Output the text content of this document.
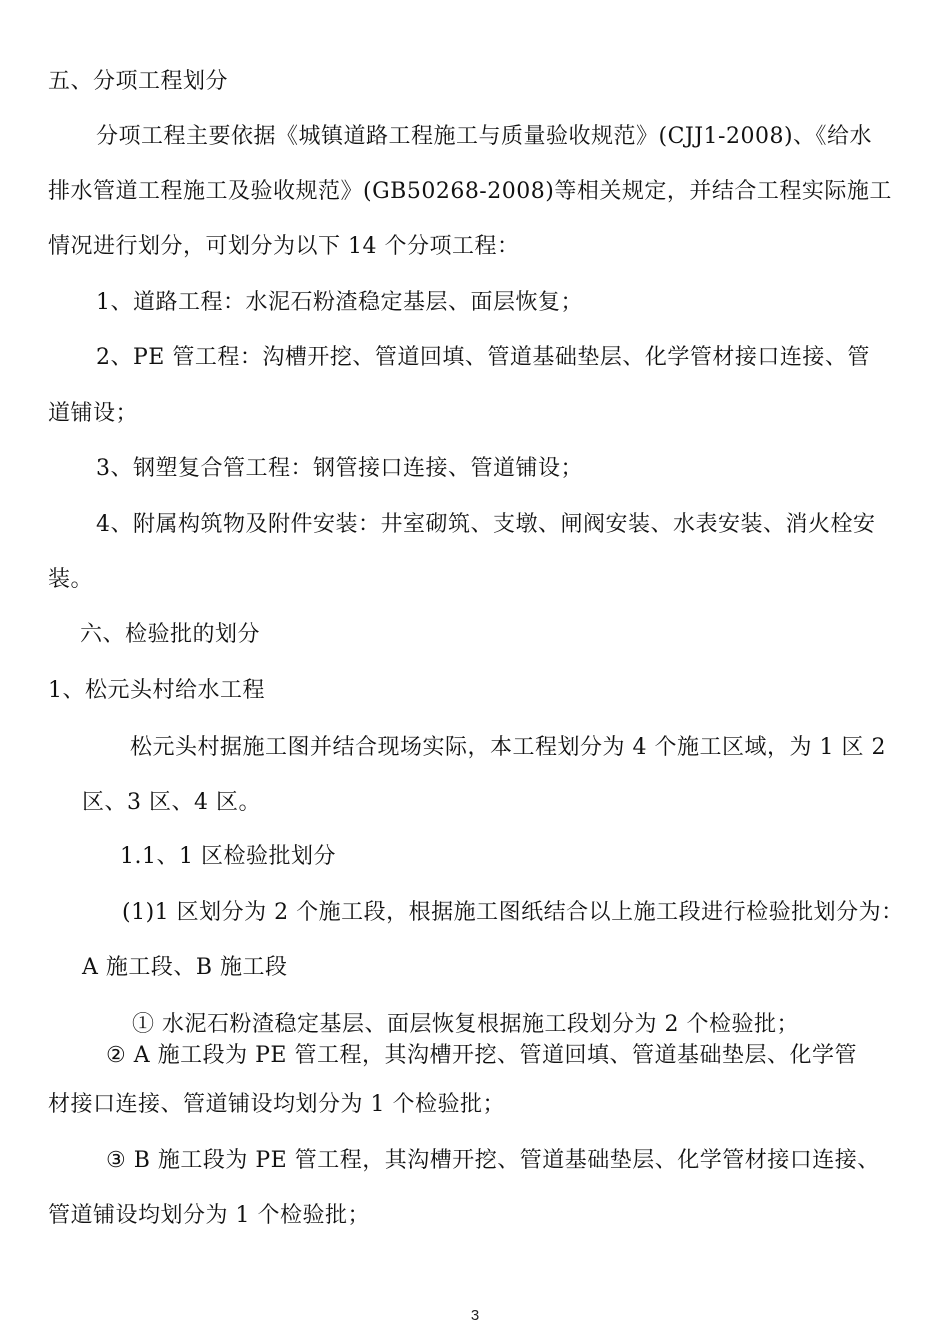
五、分项工程划分
分项工程主要依据《城镇道路工程施工与质量验收规范》(CJJ1-2008)、《给水
排水管道工程施工及验收规范》(GB50268-2008)等相关规定，并结合工程实际施工
情况进行划分，可划分为以下 14 个分项工程：
1、道路工程：水泥石粉渣稳定基层、面层恢复；
2、PE 管工程：沟槽开挖、管道回填、管道基础垫层、化学管材接口连接、管
道铺设；
3、钢塑复合管工程：钢管接口连接、管道铺设；
4、附属构筑物及附件安装：井室砌筑、支墩、闸阀安装、水表安装、消火栓安
装。
六、检验批的划分
1、松元头村给水工程
松元头村据施工图并结合现场实际，本工程划分为 4 个施工区域，为 1 区 2
区、3 区、4 区。
1.1、1 区检验批划分
(1)1 区划分为 2 个施工段，根据施工图纸结合以上施工段进行检验批划分为：
A 施工段、B 施工段
① 水泥石粉渣稳定基层、面层恢复根据施工段划分为 2 个检验批；
② A 施工段为 PE 管工程，其沟槽开挖、管道回填、管道基础垫层、化学管
材接口连接、管道铺设均划分为 1 个检验批；
③ B 施工段为 PE 管工程，其沟槽开挖、管道基础垫层、化学管材接口连接、
管道铺设均划分为 1 个检验批；
3
